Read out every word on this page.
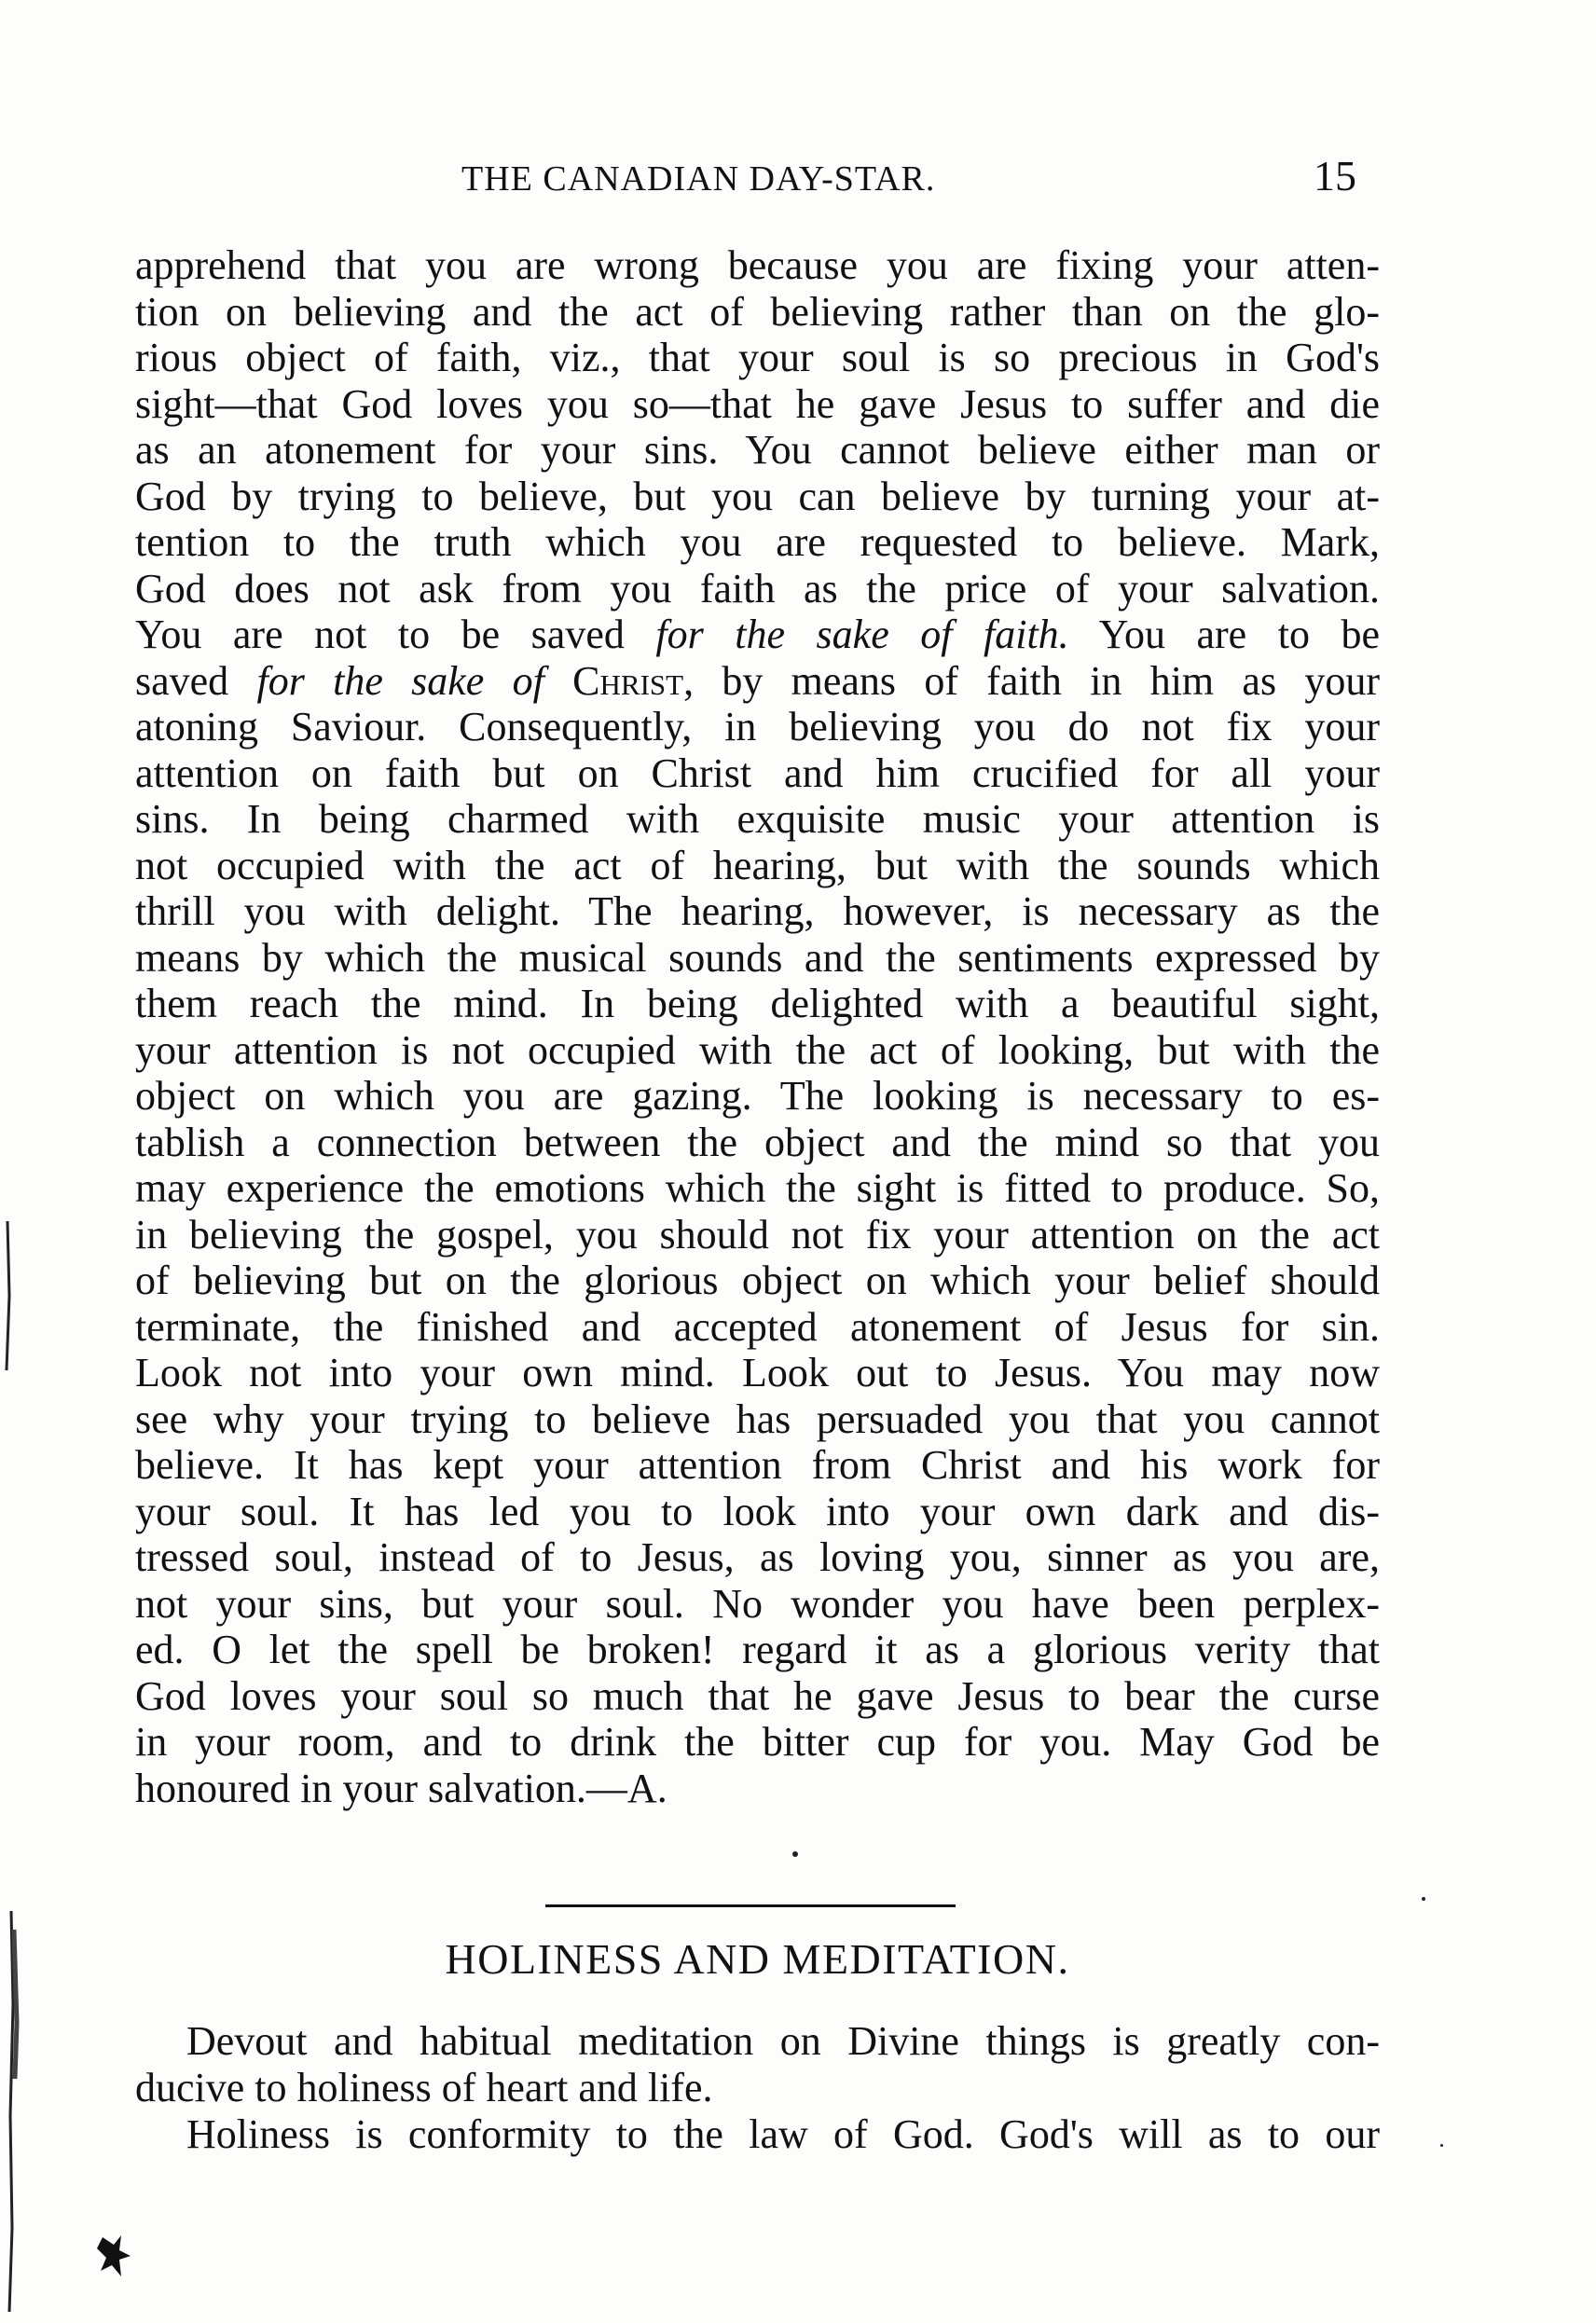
THE CANADIAN DAY-STAR.	15
apprehend that you are wrong because you are fixing your atten-
tion on believing and the act of believing rather than on the glo-
rious object of faith, viz., that your soul is so precious in God's
sight—that God loves you so—that he gave Jesus to suffer and die
as an atonement for your sins. You cannot believe either man or
God by trying to believe, but you can believe by turning your at-
tention to the truth which you are requested to believe. Mark,
God does not ask from you faith as the price of your salvation.
You are not to be saved for the sake of faith. You are to be
saved for the sake of Christ, by means of faith in him as your
atoning Saviour. Consequently, in believing you do not fix your
attention on faith but on Christ and him crucified for all your
sins. In being charmed with exquisite music your attention is
not occupied with the act of hearing, but with the sounds which
thrill you with delight. The hearing, however, is necessary as the
means by which the musical sounds and the sentiments expressed by
them reach the mind. In being delighted with a beautiful sight,
your attention is not occupied with the act of looking, but with the
object on which you are gazing. The looking is necessary to es-
tablish a connection between the object and the mind so that you
may experience the emotions which the sight is fitted to produce. So,
in believing the gospel, you should not fix your attention on the act
of believing but on the glorious object on which your belief should
terminate, the finished and accepted atonement of Jesus for sin.
Look not into your own mind. Look out to Jesus. You may now
see why your trying to believe has persuaded you that you cannot
believe. It has kept your attention from Christ and his work for
your soul. It has led you to look into your own dark and dis-
tressed soul, instead of to Jesus, as loving you, sinner as you are,
not your sins, but your soul. No wonder you have been perplex-
ed. O let the spell be broken! regard it as a glorious verity that
God loves your soul so much that he gave Jesus to bear the curse
in your room, and to drink the bitter cup for you. May God be
honoured in your salvation.—A.
HOLINESS AND MEDITATION.
Devout and habitual meditation on Divine things is greatly con-
ducive to holiness of heart and life.
Holiness is conformity to the law of God. God's will as to our
